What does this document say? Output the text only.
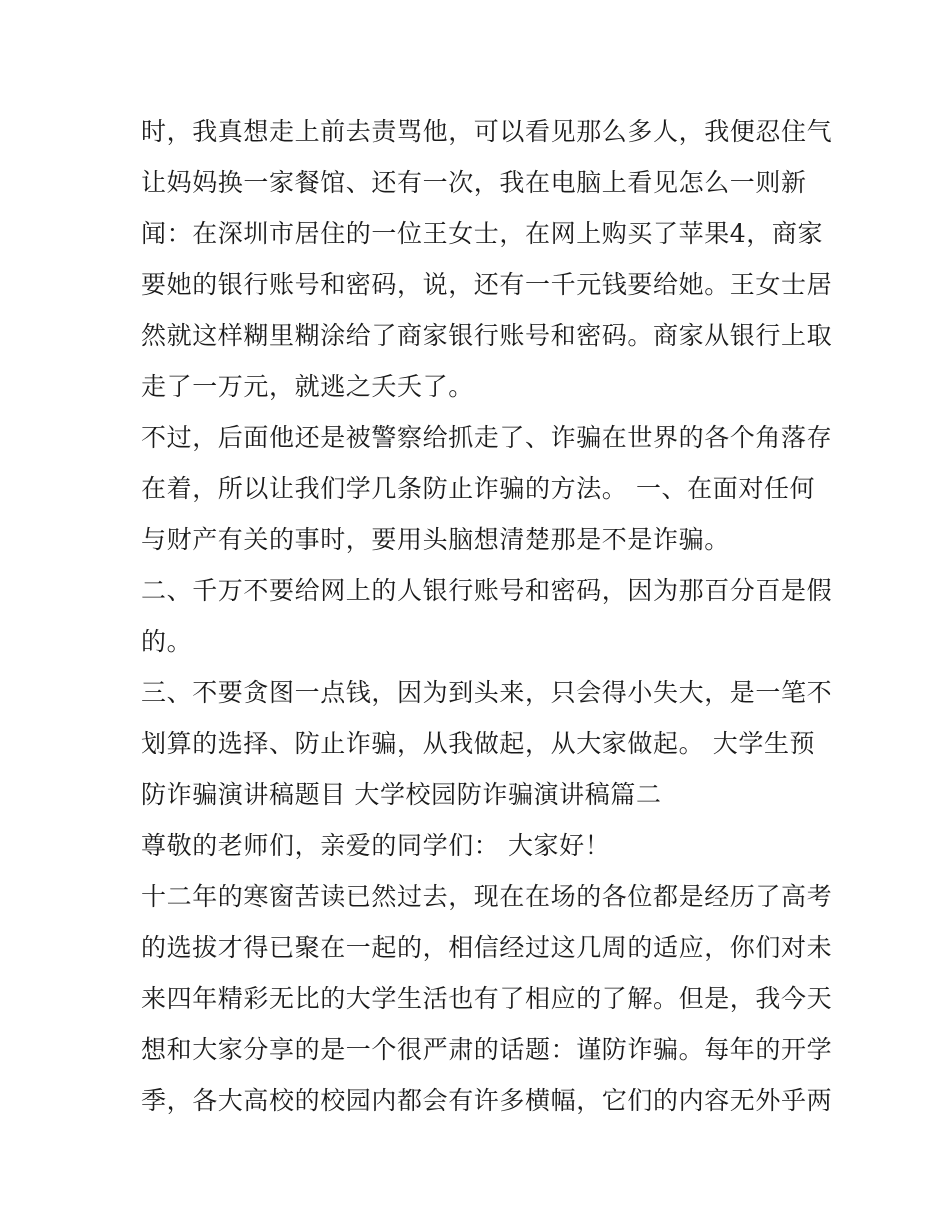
时，我真想走上前去责骂他，可以看见那么多人，我便忍住气
让妈妈换一家餐馆、还有一次，我在电脑上看见怎么一则新
闻：在深圳市居住的一位王女士，在网上购买了苹果4，商家
要她的银行账号和密码，说，还有一千元钱要给她。王女士居
然就这样糊里糊涂给了商家银行账号和密码。商家从银行上取
走了一万元，就逃之夭夭了。
不过，后面他还是被警察给抓走了、诈骗在世界的各个角落存
在着，所以让我们学几条防止诈骗的方法。 一、在面对任何
与财产有关的事时，要用头脑想清楚那是不是诈骗。
二、千万不要给网上的人银行账号和密码，因为那百分百是假
的。
三、不要贪图一点钱，因为到头来，只会得小失大，是一笔不
划算的选择、防止诈骗，从我做起，从大家做起。 大学生预
防诈骗演讲稿题目 大学校园防诈骗演讲稿篇二
尊敬的老师们，亲爱的同学们： 大家好！
十二年的寒窗苦读已然过去，现在在场的各位都是经历了高考
的选拔才得已聚在一起的，相信经过这几周的适应，你们对未
来四年精彩无比的大学生活也有了相应的了解。但是，我今天
想和大家分享的是一个很严肃的话题：谨防诈骗。每年的开学
季，各大高校的校园内都会有许多横幅，它们的内容无外乎两
